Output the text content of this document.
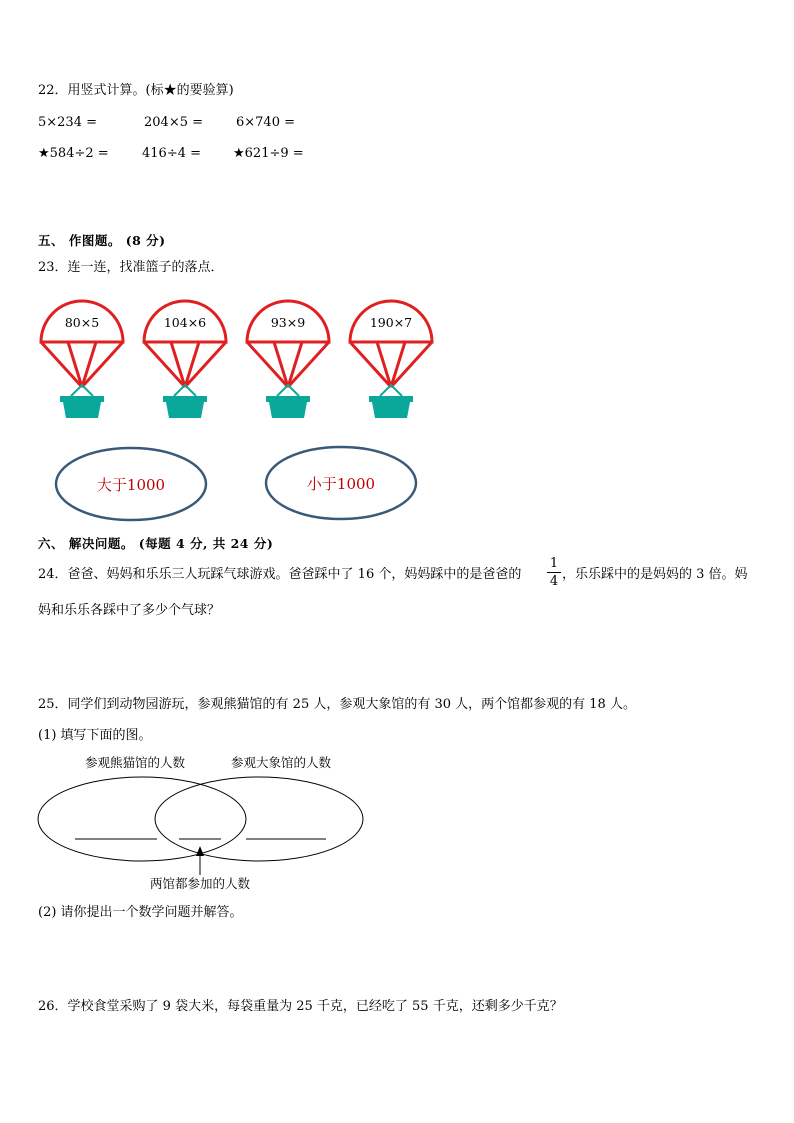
22．用竖式计算。(标★的要验算)
5×234 =	204×5 =	6×740 =
★584÷2 =	416÷4 = ★621÷9 =
五、 作图题。 (8 分)
23．连一连，找准篮子的落点．
80×5	104×6	93×9	190×7
大于1000	小于1000
六、 解决问题。 (每题 4 分, 共 24 分)
24．爸爸、妈妈和乐乐三人玩踩气球游戏。爸爸踩中了 16 个，妈妈踩中的是爸爸的
1
4 ，乐乐踩中的是妈妈的 3 倍。妈
妈和乐乐各踩中了多少个气球？
25．同学们到动物园游玩，参观熊猫馆的有 25 人，参观大象馆的有 30 人，两个馆都参观的有 18 人。
(1) 填写下面的图。
参观熊猫馆的人数	参观大象馆的人数
两馆都参加的人数
(2) 请你提出一个数学问题并解答。
26．学校食堂采购了 9 袋大米，每袋重量为 25 千克，已经吃了 55 千克，还剩多少千克？
